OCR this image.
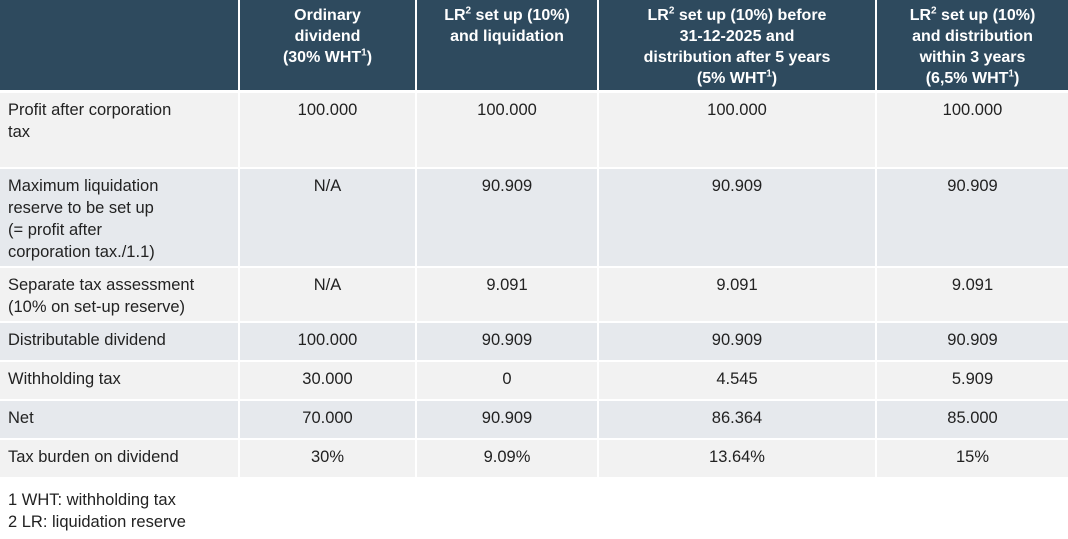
	Ordinary
dividend
(30% WHT$^1$)	$LR^2$ set up (10%)
and liquidation	$LR^2$ set up (10%) before
31-12-2025 and
distribution after 5 years
(5% WHT$^1$)	$LR^2$ set up (10%)
and distribution
within 3 years
(6,5% WHT$^1$)

Profit after corporation
tax	100.000	100.000	100.000	100.000

Maximum liquidation
reserve to be set up
(= profit after
corporation tax./1.1)	N/A	90.909	90.909	90.909

Separate tax assessment
(10% on set-up reserve)	N/A	9.091	9.091	9.091

Distributable dividend	100.000	90.909	90.909	90.909

Withholding tax	30.000	0	4.545	5.909

Net	70.000	90.909	86.364	85.000

Tax burden on dividend	30%	9.09%	13.64%	15%
1 WHT: withholding tax
2 LR: liquidation reserve
